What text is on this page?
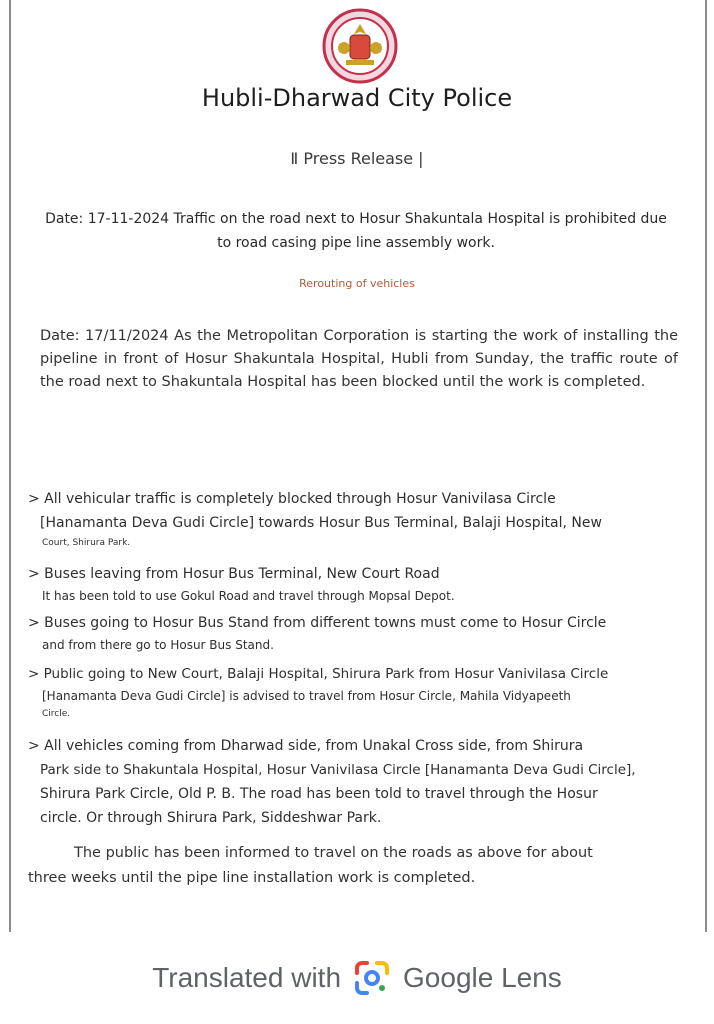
Hubli-Dharwad City Police
Ⅱ Press Release |
Date: 17-11-2024 Traffic on the road next to Hosur Shakuntala Hospital is prohibited due
to road casing pipe line assembly work.
Rerouting of vehicles
Date: 17/11/2024 As the Metropolitan Corporation is starting the work of installing the pipeline in front of Hosur Shakuntala Hospital, Hubli from Sunday, the traffic route of the road next to Shakuntala Hospital has been blocked until the work is completed.
> All vehicular traffic is completely blocked through Hosur Vanivilasa Circle
[Hanamanta Deva Gudi Circle] towards Hosur Bus Terminal, Balaji Hospital, New
Court, Shirura Park.
> Buses leaving from Hosur Bus Terminal, New Court Road
It has been told to use Gokul Road and travel through Mopsal Depot.
> Buses going to Hosur Bus Stand from different towns must come to Hosur Circle
and from there go to Hosur Bus Stand.
> Public going to New Court, Balaji Hospital, Shirura Park from Hosur Vanivilasa Circle
[Hanamanta Deva Gudi Circle] is advised to travel from Hosur Circle, Mahila Vidyapeeth
Circle.
> All vehicles coming from Dharwad side, from Unakal Cross side, from Shirura
Park side to Shakuntala Hospital, Hosur Vanivilasa Circle [Hanamanta Deva Gudi Circle],
Shirura Park Circle, Old P. B. The road has been told to travel through the Hosur
circle. Or through Shirura Park, Siddeshwar Park.
The public has been informed to travel on the roads as above for about
three weeks until the pipe line installation work is completed.
Translated with Google Lens
